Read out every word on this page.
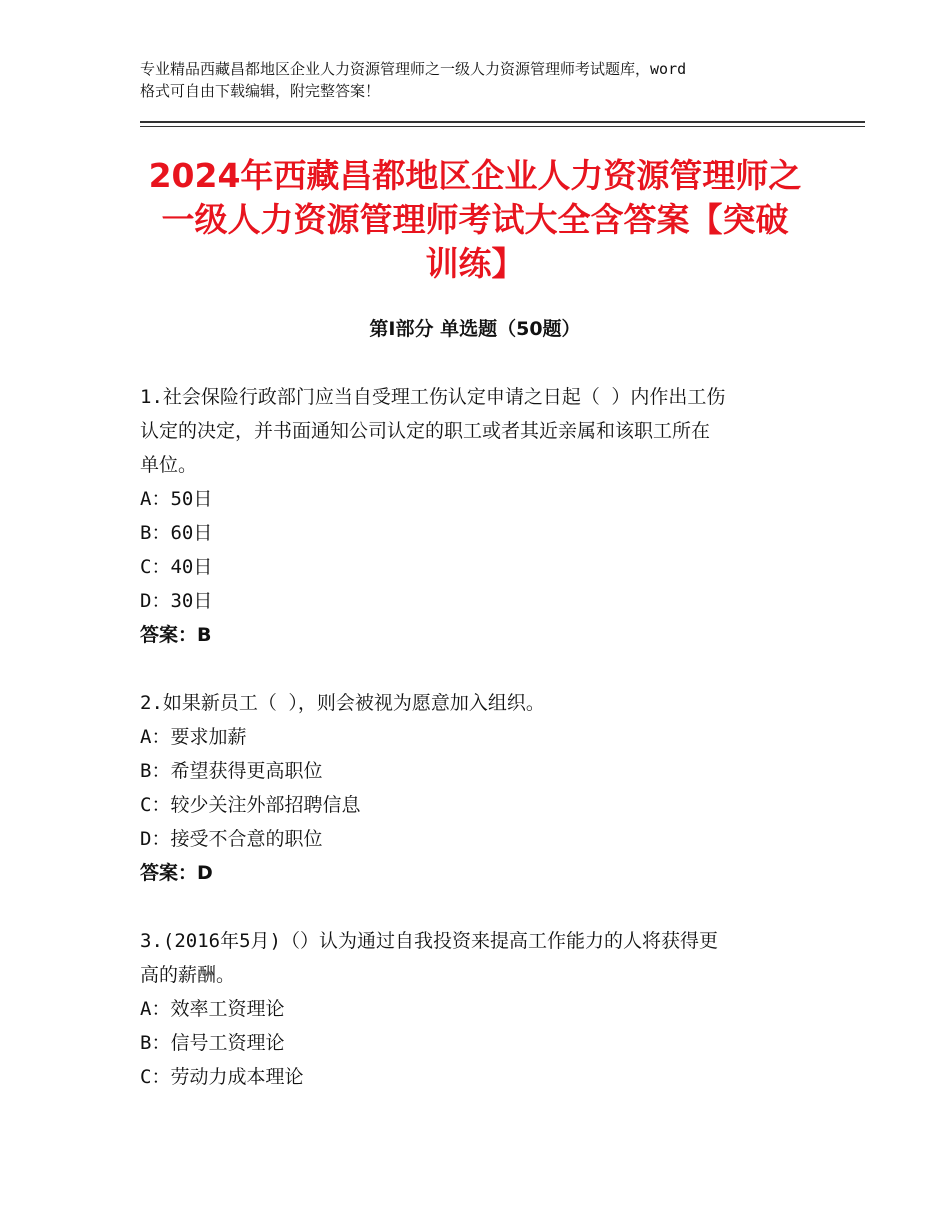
专业精品西藏昌都地区企业人力资源管理师之一级人力资源管理师考试题库，word
格式可自由下载编辑，附完整答案！
2024年西藏昌都地区企业人力资源管理师之
一级人力资源管理师考试大全含答案【突破
训练】
第Ⅰ部分 单选题（50题）
1.社会保险行政部门应当自受理工伤认定申请之日起（ ）内作出工伤
认定的决定，并书面通知公司认定的职工或者其近亲属和该职工所在
单位。
A：50日
B：60日
C：40日
D：30日
答案：B
2.如果新员工（ ），则会被视为愿意加入组织。
A：要求加薪
B：希望获得更高职位
C：较少关注外部招聘信息
D：接受不合意的职位
答案：D
3.(2016年5月)（）认为通过自我投资来提高工作能力的人将获得更
高的薪酬。
A：效率工资理论
B：信号工资理论
C：劳动力成本理论
